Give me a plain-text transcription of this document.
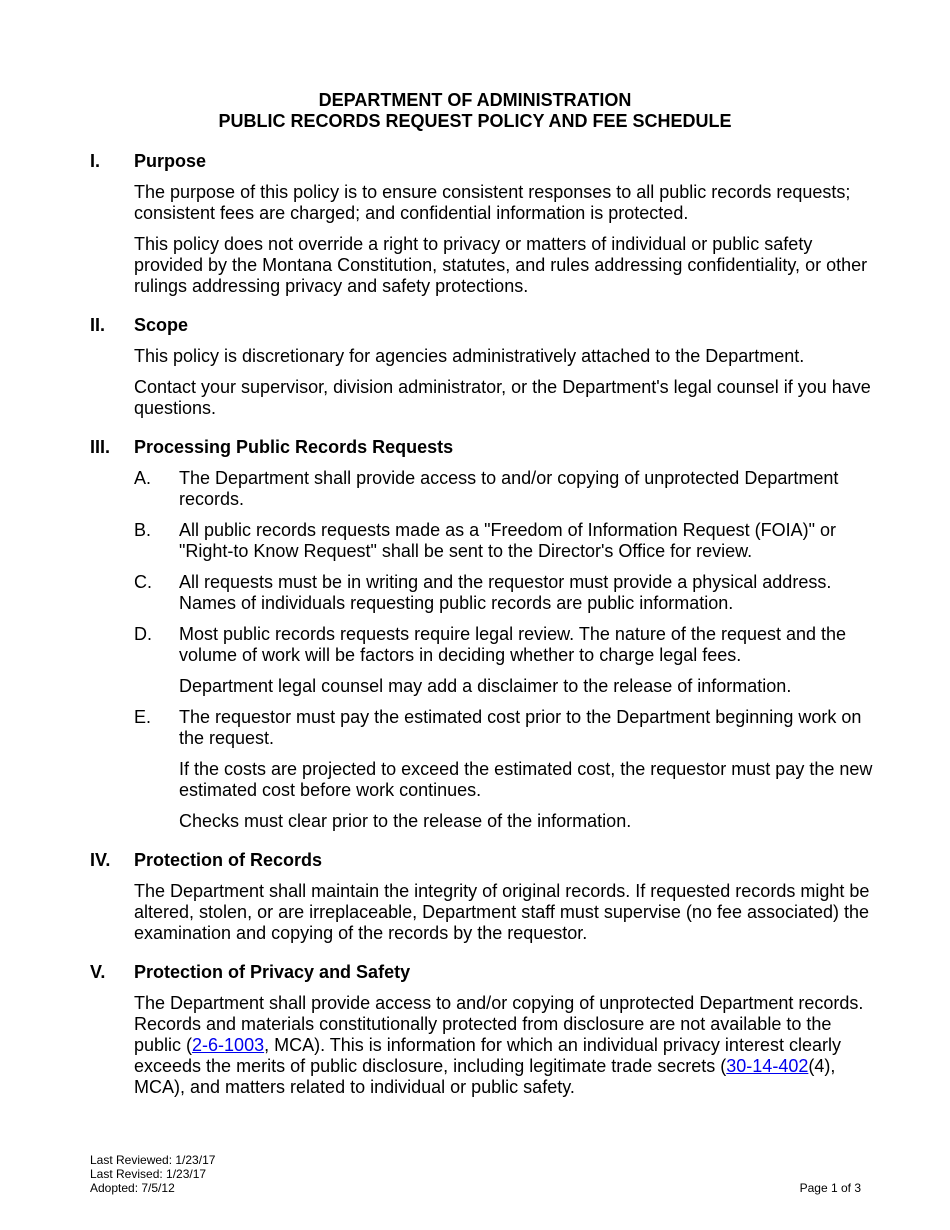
DEPARTMENT OF ADMINISTRATION
PUBLIC RECORDS REQUEST POLICY AND FEE SCHEDULE
I.	Purpose
The purpose of this policy is to ensure consistent responses to all public records requests; consistent fees are charged; and confidential information is protected.
This policy does not override a right to privacy or matters of individual or public safety provided by the Montana Constitution, statutes, and rules addressing confidentiality, or other rulings addressing privacy and safety protections.
II.	Scope
This policy is discretionary for agencies administratively attached to the Department.
Contact your supervisor, division administrator, or the Department's legal counsel if you have questions.
III.	Processing Public Records Requests
A.	The Department shall provide access to and/or copying of unprotected Department records.
B.	All public records requests made as a "Freedom of Information Request (FOIA)" or "Right-to Know Request" shall be sent to the Director's Office for review.
C.	All requests must be in writing and the requestor must provide a physical address. Names of individuals requesting public records are public information.
D.	Most public records requests require legal review. The nature of the request and the volume of work will be factors in deciding whether to charge legal fees.
Department legal counsel may add a disclaimer to the release of information.
E.	The requestor must pay the estimated cost prior to the Department beginning work on the request.
If the costs are projected to exceed the estimated cost, the requestor must pay the new estimated cost before work continues.
Checks must clear prior to the release of the information.
IV.	Protection of Records
The Department shall maintain the integrity of original records. If requested records might be altered, stolen, or are irreplaceable, Department staff must supervise (no fee associated) the examination and copying of the records by the requestor.
V.	Protection of Privacy and Safety
The Department shall provide access to and/or copying of unprotected Department records. Records and materials constitutionally protected from disclosure are not available to the public (2-6-1003, MCA). This is information for which an individual privacy interest clearly exceeds the merits of public disclosure, including legitimate trade secrets (30-14-402(4), MCA), and matters related to individual or public safety.
Last Reviewed: 1/23/17
Last Revised: 1/23/17
Adopted: 7/5/12	Page 1 of 3
